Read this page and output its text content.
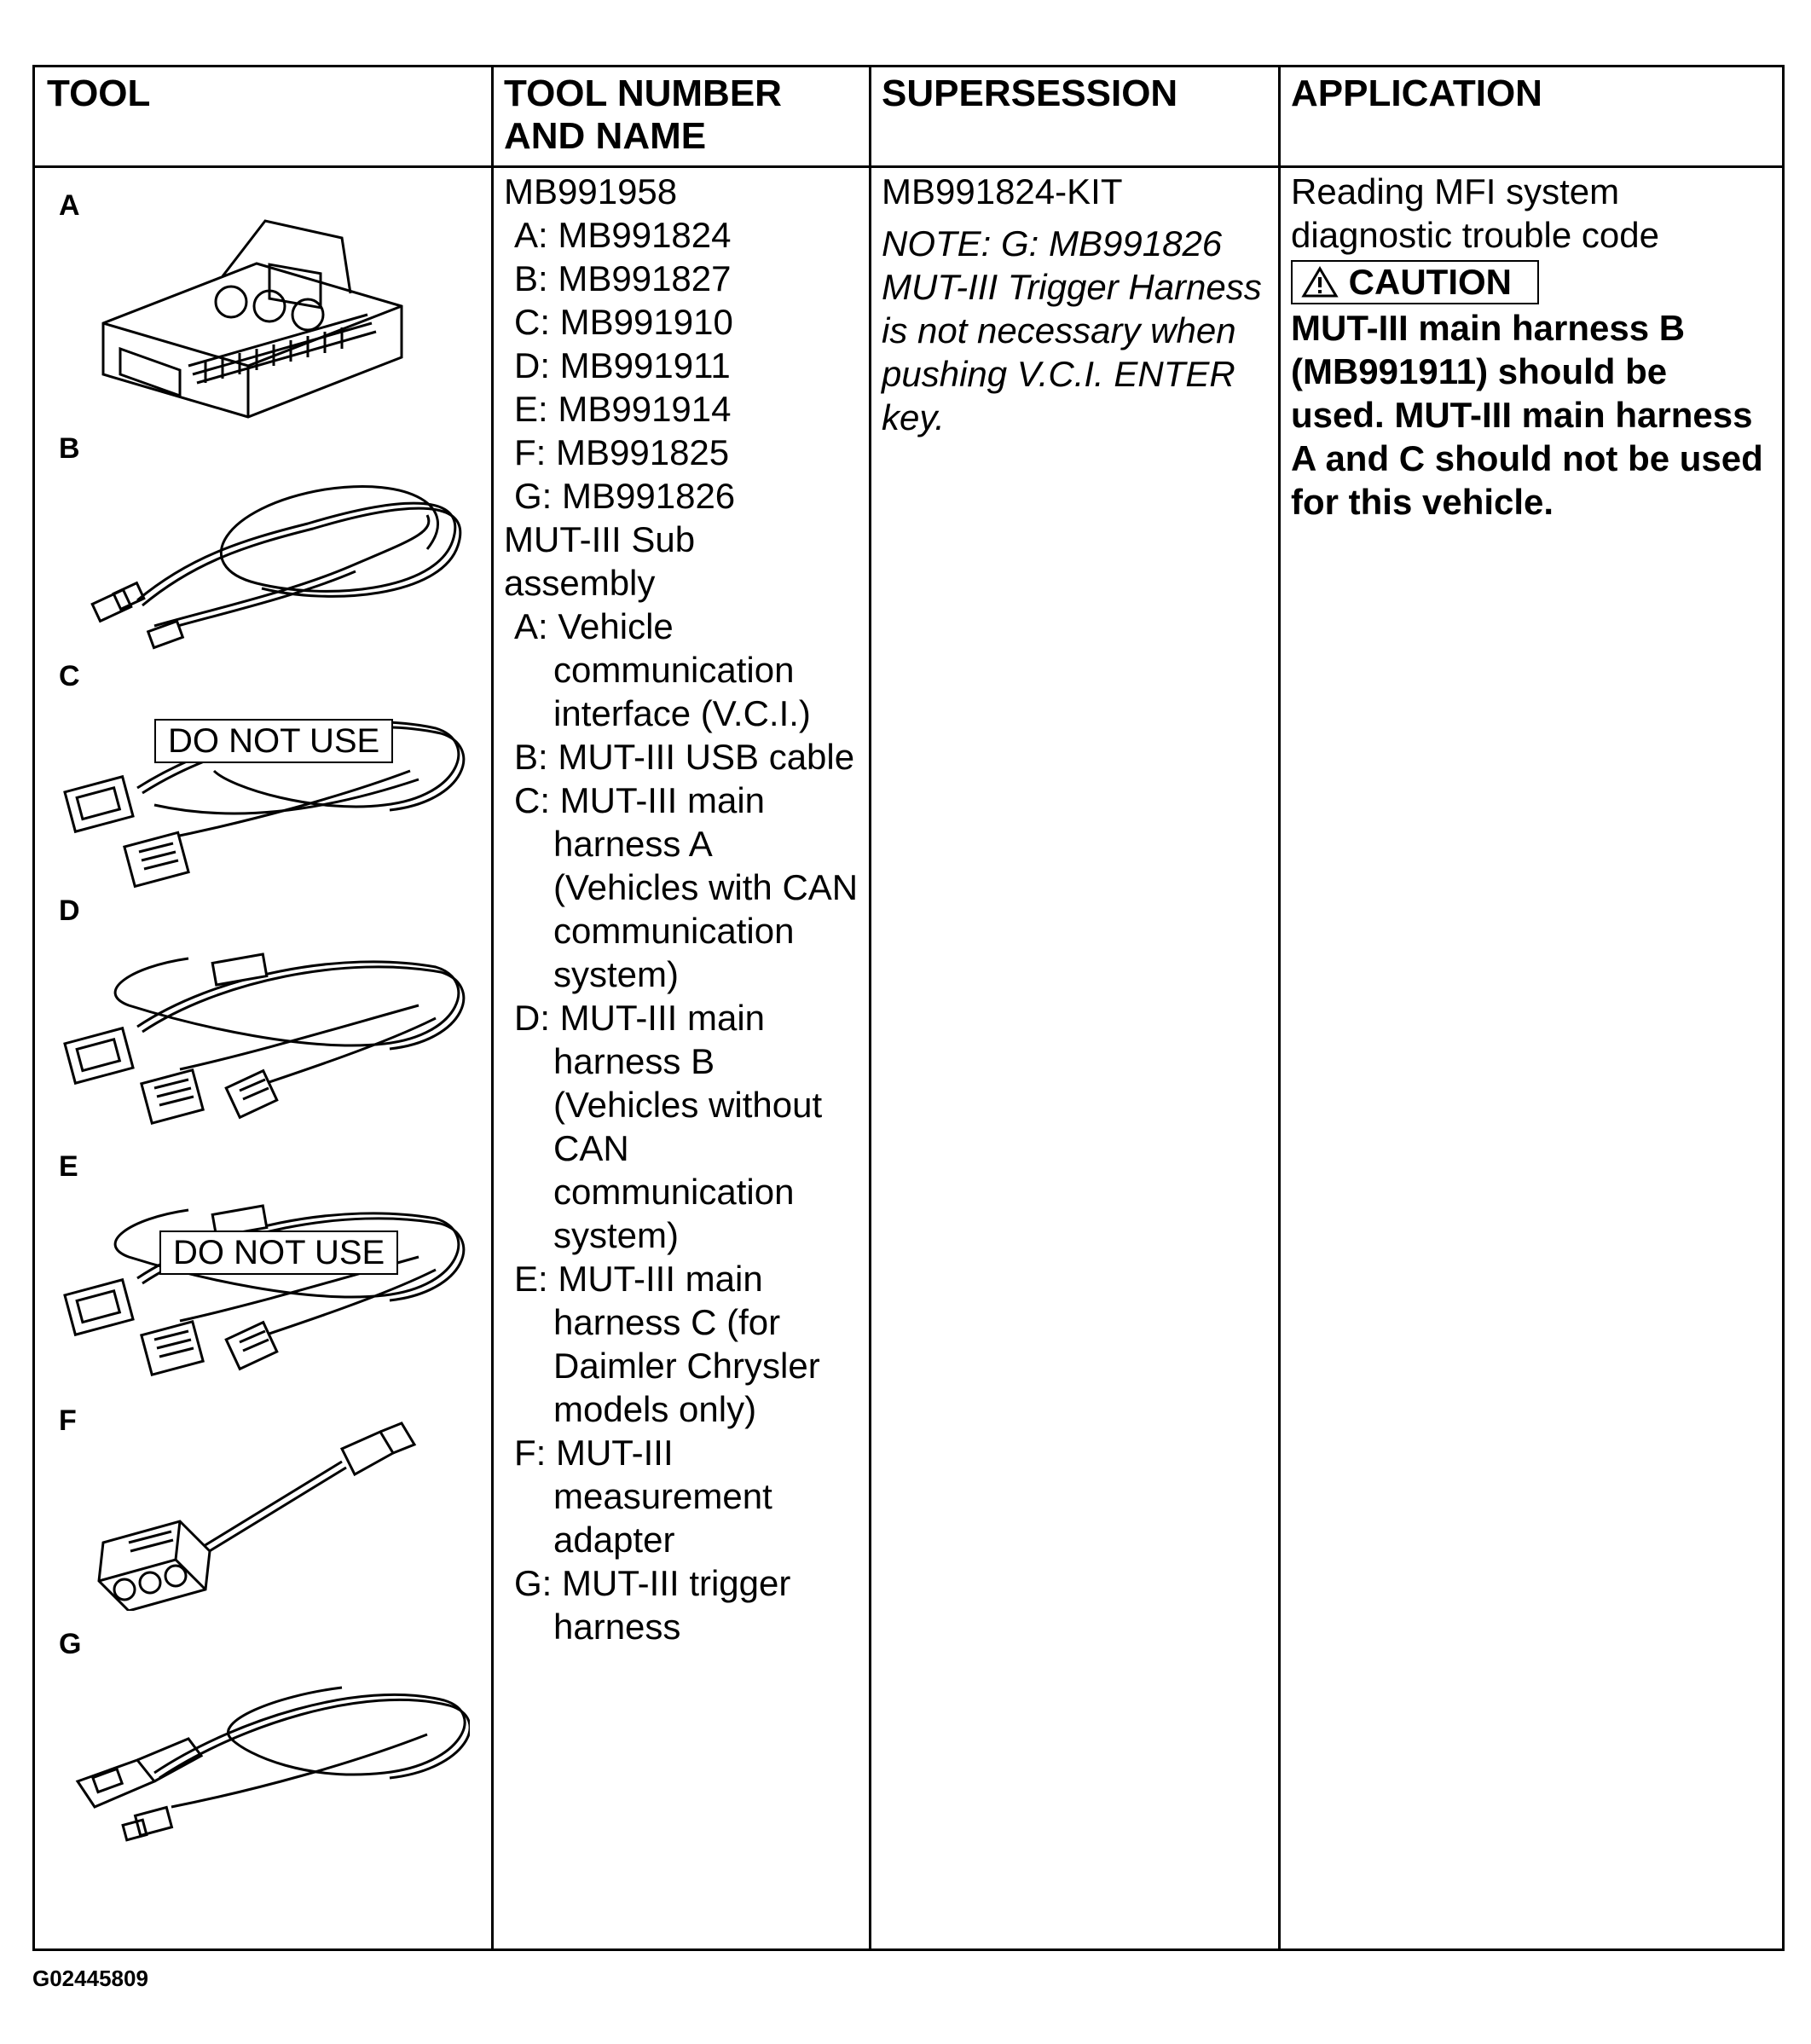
TOOL	TOOL NUMBER
AND NAME
SUPERSESSION	APPLICATION
A
B
C
D
E
F
G
DO NOT USE
DO NOT USE
MB991958
A: MB991824
B: MB991827
C: MB991910
D: MB991911
E: MB991914
F: MB991825
G: MB991826
MUT-III Sub
assembly
A: Vehicle
communication
interface (V.C.I.)
B: MUT-III USB cable
C: MUT-III main
harness A
(Vehicles with CAN
communication
system)
D: MUT-III main
harness B
(Vehicles without
CAN
communication
system)
E: MUT-III main
harness C (for
Daimler Chrysler
models only)
F: MUT-III
measurement
adapter
G: MUT-III trigger
harness
MB991824-KIT
NOTE: G: MB991826
MUT-III Trigger Harness
is not necessary when
pushing V.C.I. ENTER
key.
Reading MFI system
diagnostic trouble code
CAUTION
MUT-III main harness B
(MB991911) should be
used. MUT-III main harness
A and C should not be used
for this vehicle.
G02445809
